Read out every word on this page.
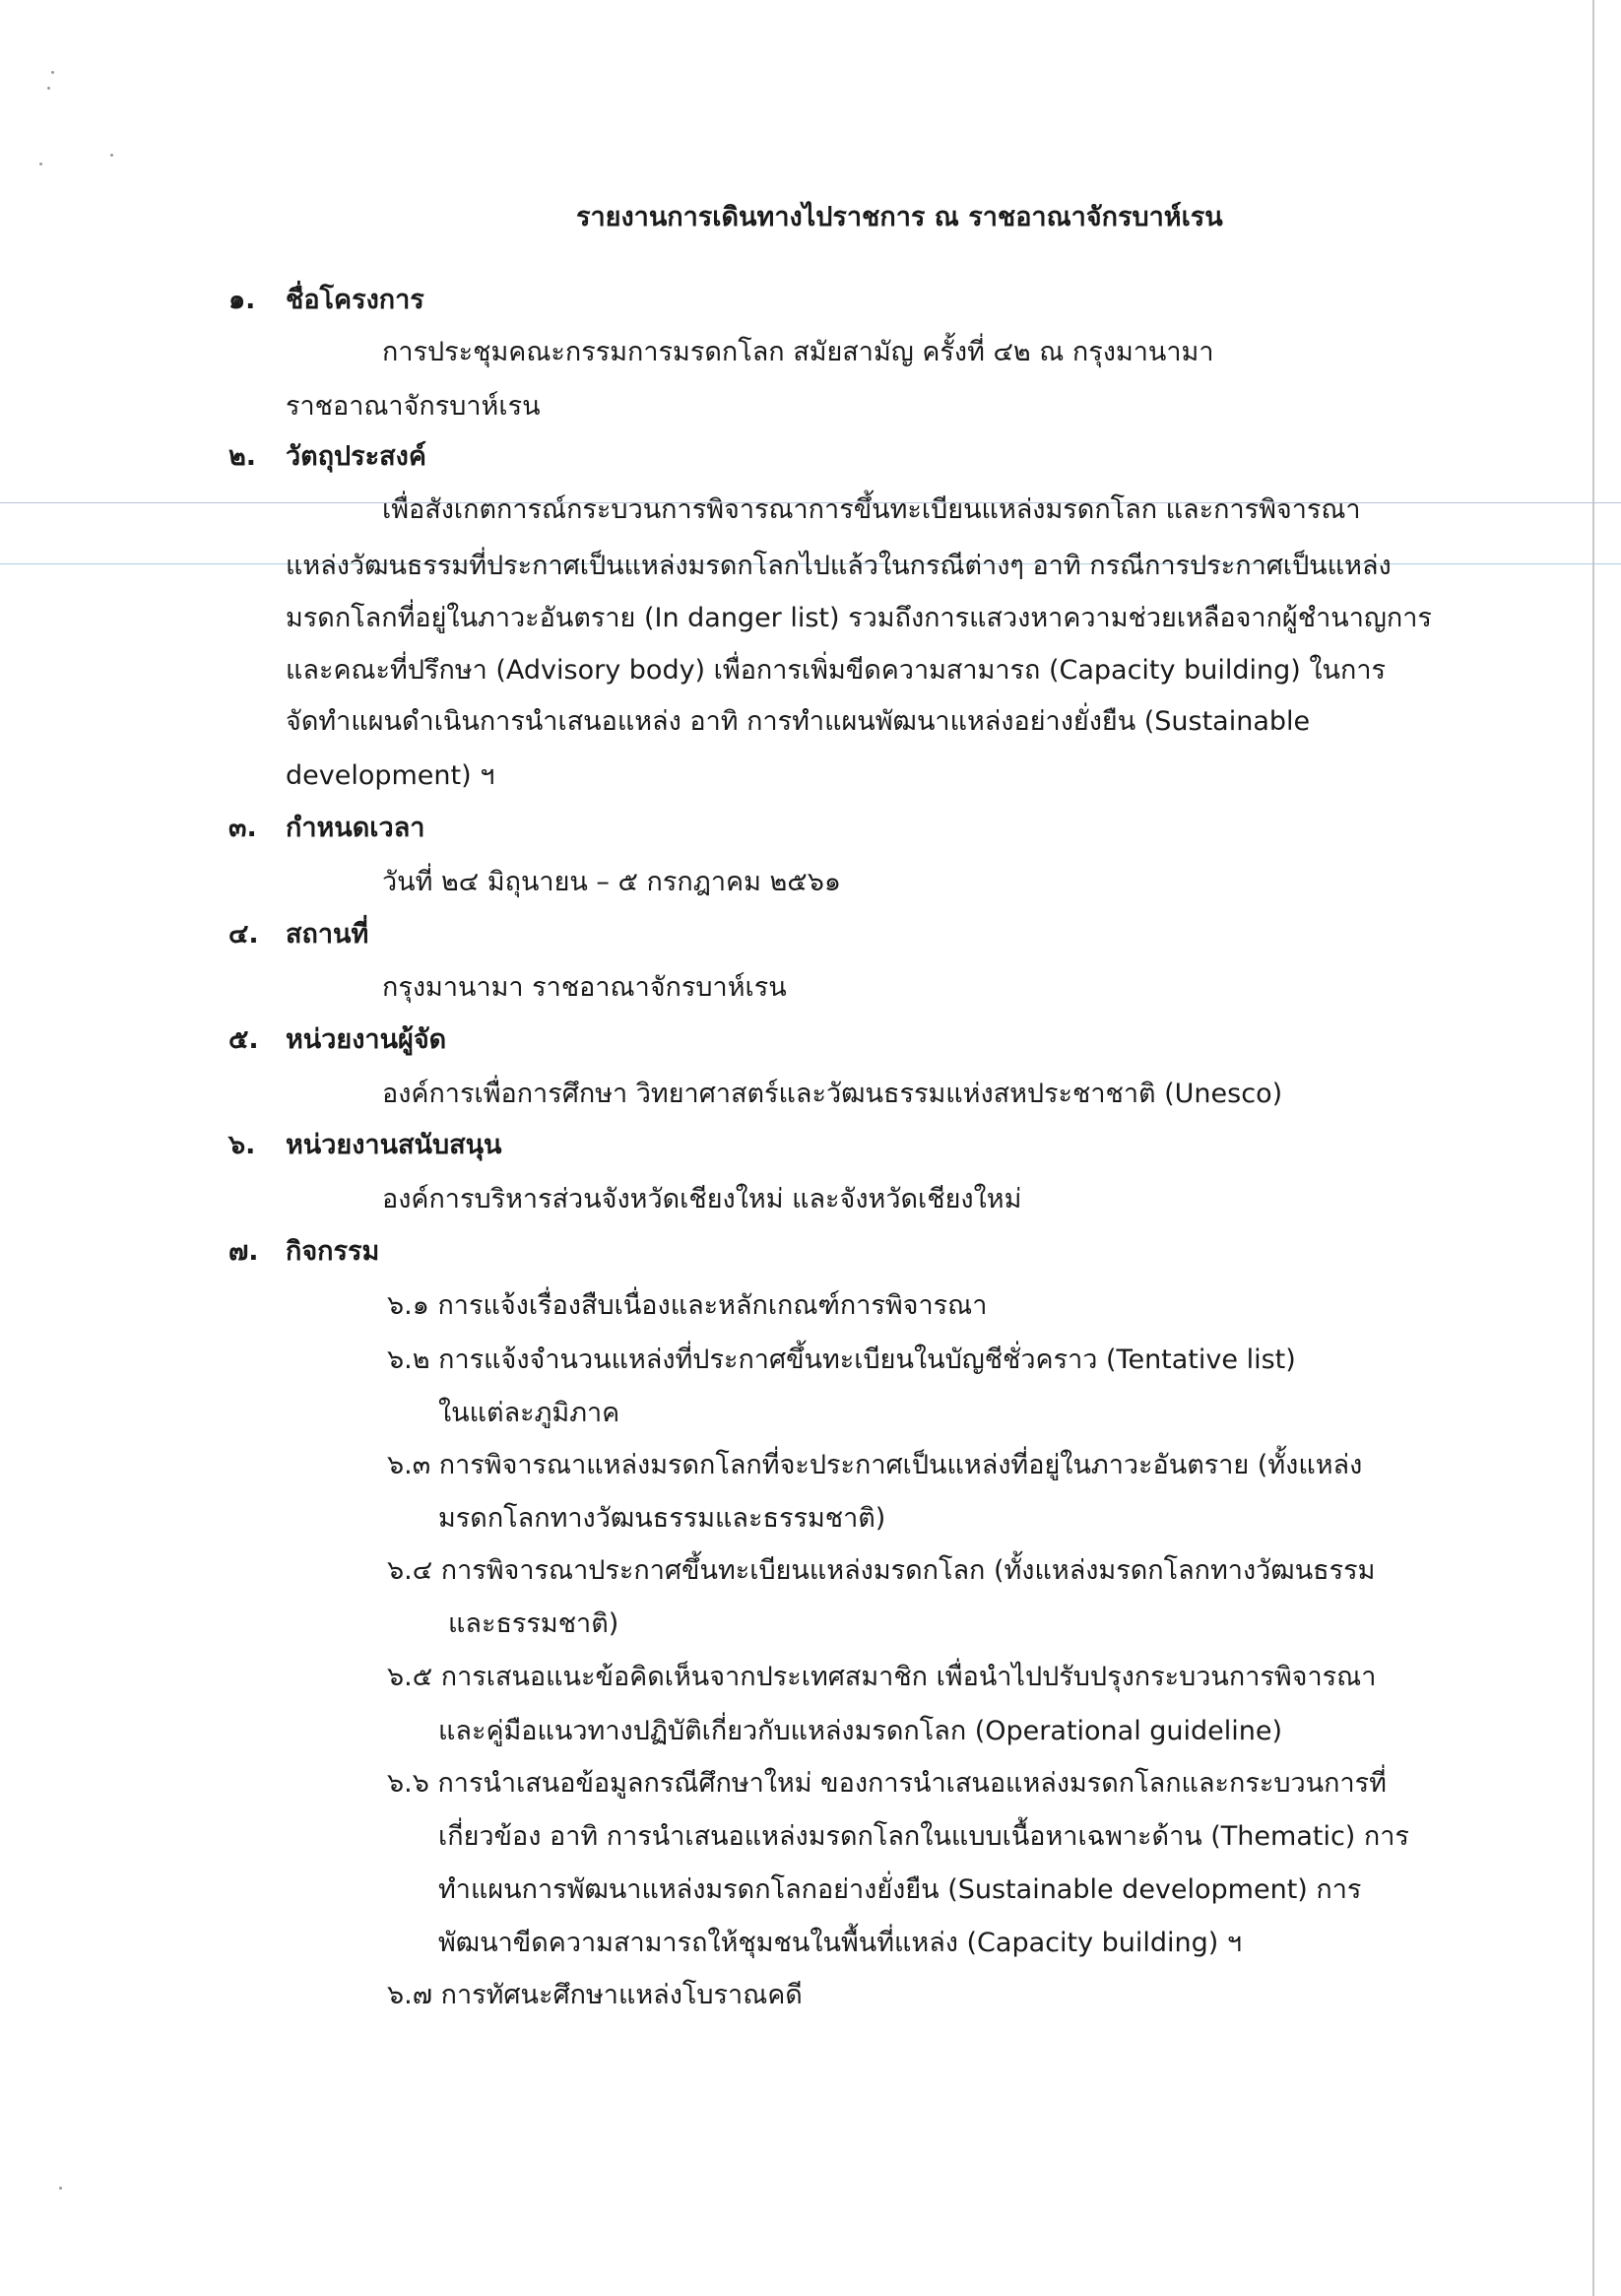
รายงานการเดินทางไปราชการ ณ ราชอาณาจักรบาห์เรน
๑. ชื่อโครงการ
การประชุมคณะกรรมการมรดกโลก สมัยสามัญ ครั้งที่ ๔๒ ณ กรุงมานามา
ราชอาณาจักรบาห์เรน
๒. วัตถุประสงค์
เพื่อสังเกตการณ์กระบวนการพิจารณาการขึ้นทะเบียนแหล่งมรดกโลก และการพิจารณา
แหล่งวัฒนธรรมที่ประกาศเป็นแหล่งมรดกโลกไปแล้วในกรณีต่างๆ อาทิ กรณีการประกาศเป็นแหล่ง
มรดกโลกที่อยู่ในภาวะอันตราย (In danger list) รวมถึงการแสวงหาความช่วยเหลือจากผู้ชำนาญการ
และคณะที่ปรึกษา (Advisory body) เพื่อการเพิ่มขีดความสามารถ (Capacity building) ในการ
จัดทำแผนดำเนินการนำเสนอแหล่ง อาทิ การทำแผนพัฒนาแหล่งอย่างยั่งยืน (Sustainable
development) ฯ
๓. กำหนดเวลา
วันที่ ๒๔ มิถุนายน – ๕ กรกฎาคม ๒๕๖๑
๔. สถานที่
กรุงมานามา ราชอาณาจักรบาห์เรน
๕. หน่วยงานผู้จัด
องค์การเพื่อการศึกษา วิทยาศาสตร์และวัฒนธรรมแห่งสหประชาชาติ (Unesco)
๖. หน่วยงานสนับสนุน
องค์การบริหารส่วนจังหวัดเชียงใหม่ และจังหวัดเชียงใหม่
๗. กิจกรรม
๖.๑ การแจ้งเรื่องสืบเนื่องและหลักเกณฑ์การพิจารณา
๖.๒ การแจ้งจำนวนแหล่งที่ประกาศขึ้นทะเบียนในบัญชีชั่วคราว (Tentative list)
ในแต่ละภูมิภาค
๖.๓ การพิจารณาแหล่งมรดกโลกที่จะประกาศเป็นแหล่งที่อยู่ในภาวะอันตราย (ทั้งแหล่ง
มรดกโลกทางวัฒนธรรมและธรรมชาติ)
๖.๔ การพิจารณาประกาศขึ้นทะเบียนแหล่งมรดกโลก (ทั้งแหล่งมรดกโลกทางวัฒนธรรม
และธรรมชาติ)
๖.๕ การเสนอแนะข้อคิดเห็นจากประเทศสมาชิก เพื่อนำไปปรับปรุงกระบวนการพิจารณา
และคู่มือแนวทางปฏิบัติเกี่ยวกับแหล่งมรดกโลก (Operational guideline)
๖.๖ การนำเสนอข้อมูลกรณีศึกษาใหม่ ของการนำเสนอแหล่งมรดกโลกและกระบวนการที่
เกี่ยวข้อง อาทิ การนำเสนอแหล่งมรดกโลกในแบบเนื้อหาเฉพาะด้าน (Thematic) การ
ทำแผนการพัฒนาแหล่งมรดกโลกอย่างยั่งยืน (Sustainable development) การ
พัฒนาขีดความสามารถให้ชุมชนในพื้นที่แหล่ง (Capacity building) ฯ
๖.๗ การทัศนะศึกษาแหล่งโบราณคดี
